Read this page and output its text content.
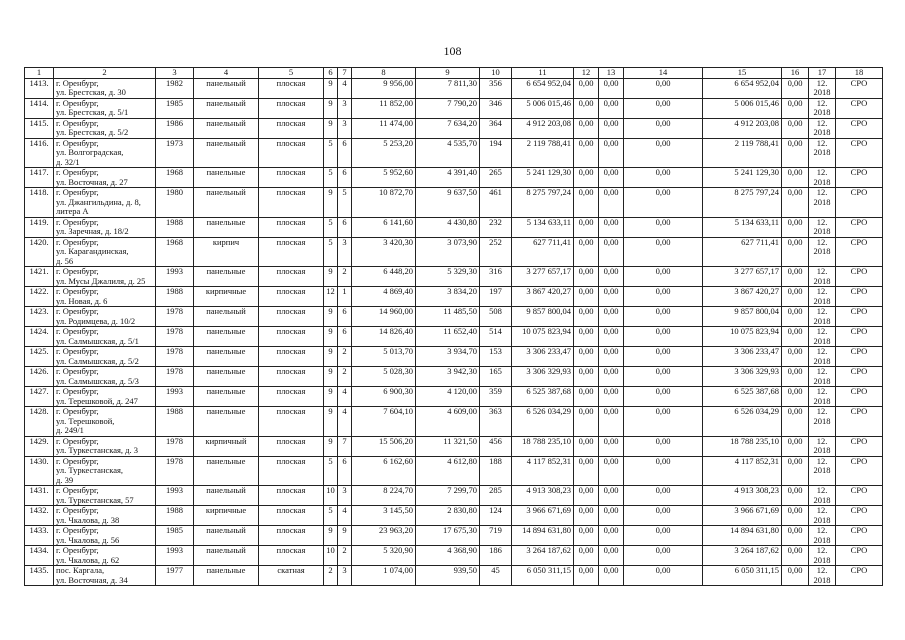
108
1	2	3	4	5	6	7	8	9	10	11	12	13	14	15	16	17	18
1413.	г. Оренбург,
ул. Брестская, д. 30	1982	панельный	плоская	9	4	9 956,00	7 811,30	356	6 654 952,04	0,00	0,00	0,00	6 654 952,04	0,00	12.
2018	СРО
1414.	г. Оренбург,
ул. Брестская, д. 5/1	1985	панельный	плоская	9	3	11 852,00	7 790,20	346	5 006 015,46	0,00	0,00	0,00	5 006 015,46	0,00	12.
2018	СРО
1415.	г. Оренбург,
ул. Брестская, д. 5/2	1986	панельный	плоская	9	3	11 474,00	7 634,20	364	4 912 203,08	0,00	0,00	0,00	4 912 203,08	0,00	12.
2018	СРО
1416.	г. Оренбург,
ул. Волгоградская,
д. 32/1	1973	панельный	плоская	5	6	5 253,20	4 535,70	194	2 119 788,41	0,00	0,00	0,00	2 119 788,41	0,00	12.
2018	СРО
1417.	г. Оренбург,
ул. Восточная, д. 27	1968	панельные	плоская	5	6	5 952,60	4 391,40	265	5 241 129,30	0,00	0,00	0,00	5 241 129,30	0,00	12.
2018	СРО
1418.	г. Оренбург,
ул. Джангильдина, д. 8,
литера А	1980	панельный	плоская	9	5	10 872,70	9 637,50	461	8 275 797,24	0,00	0,00	0,00	8 275 797,24	0,00	12.
2018	СРО
1419.	г. Оренбург,
ул. Заречная, д. 18/2	1988	панельные	плоская	5	6	6 141,60	4 430,80	232	5 134 633,11	0,00	0,00	0,00	5 134 633,11	0,00	12.
2018	СРО
1420.	г. Оренбург,
ул. Карагандинская,
д. 56	1968	кирпич	плоская	5	3	3 420,30	3 073,90	252	627 711,41	0,00	0,00	0,00	627 711,41	0,00	12.
2018	СРО
1421.	г. Оренбург,
ул. Мусы Джалиля, д. 25	1993	панельные	плоская	9	2	6 448,20	5 329,30	316	3 277 657,17	0,00	0,00	0,00	3 277 657,17	0,00	12.
2018	СРО
1422.	г. Оренбург,
ул. Новая, д. 6	1988	кирпичные	плоская	12	1	4 869,40	3 834,20	197	3 867 420,27	0,00	0,00	0,00	3 867 420,27	0,00	12.
2018	СРО
1423.	г. Оренбург,
ул. Родимцева, д. 10/2	1978	панельный	плоская	9	6	14 960,00	11 485,50	508	9 857 800,04	0,00	0,00	0,00	9 857 800,04	0,00	12.
2018	СРО
1424.	г. Оренбург,
ул. Салмышская, д. 5/1	1978	панельные	плоская	9	6	14 826,40	11 652,40	514	10 075 823,94	0,00	0,00	0,00	10 075 823,94	0,00	12.
2018	СРО
1425.	г. Оренбург,
ул. Салмышская, д. 5/2	1978	панельные	плоская	9	2	5 013,70	3 934,70	153	3 306 233,47	0,00	0,00	0,00	3 306 233,47	0,00	12.
2018	СРО
1426.	г. Оренбург,
ул. Салмышская, д. 5/3	1978	панельные	плоская	9	2	5 028,30	3 942,30	165	3 306 329,93	0,00	0,00	0,00	3 306 329,93	0,00	12.
2018	СРО
1427.	г. Оренбург,
ул. Терешковой, д. 247	1993	панельные	плоская	9	4	6 900,30	4 120,00	359	6 525 387,68	0,00	0,00	0,00	6 525 387,68	0,00	12.
2018	СРО
1428.	г. Оренбург,
ул. Терешковой,
д. 249/1	1988	панельные	плоская	9	4	7 604,10	4 609,00	363	6 526 034,29	0,00	0,00	0,00	6 526 034,29	0,00	12.
2018	СРО
1429.	г. Оренбург,
ул. Туркестанская, д. 3	1978	кирпичный	плоская	9	7	15 506,20	11 321,50	456	18 788 235,10	0,00	0,00	0,00	18 788 235,10	0,00	12.
2018	СРО
1430.	г. Оренбург,
ул. Туркестанская,
д. 39	1978	панельные	плоская	5	6	6 162,60	4 612,80	188	4 117 852,31	0,00	0,00	0,00	4 117 852,31	0,00	12.
2018	СРО
1431.	г. Оренбург,
ул. Туркестанская, 57	1993	панельный	плоская	10	3	8 224,70	7 299,70	285	4 913 308,23	0,00	0,00	0,00	4 913 308,23	0,00	12.
2018	СРО
1432.	г. Оренбург,
ул. Чкалова, д. 38	1988	кирпичные	плоская	5	4	3 145,50	2 830,80	124	3 966 671,69	0,00	0,00	0,00	3 966 671,69	0,00	12.
2018	СРО
1433.	г. Оренбург,
ул. Чкалова, д. 56	1985	панельный	плоская	9	9	23 963,20	17 675,30	719	14 894 631,80	0,00	0,00	0,00	14 894 631,80	0,00	12.
2018	СРО
1434.	г. Оренбург,
ул. Чкалова, д. 62	1993	панельный	плоская	10	2	5 320,90	4 368,90	186	3 264 187,62	0,00	0,00	0,00	3 264 187,62	0,00	12.
2018	СРО
1435.	пос. Каргала,
ул. Восточная, д. 34	1977	панельные	скатная	2	3	1 074,00	939,50	45	6 050 311,15	0,00	0,00	0,00	6 050 311,15	0,00	12.
2018	СРО
